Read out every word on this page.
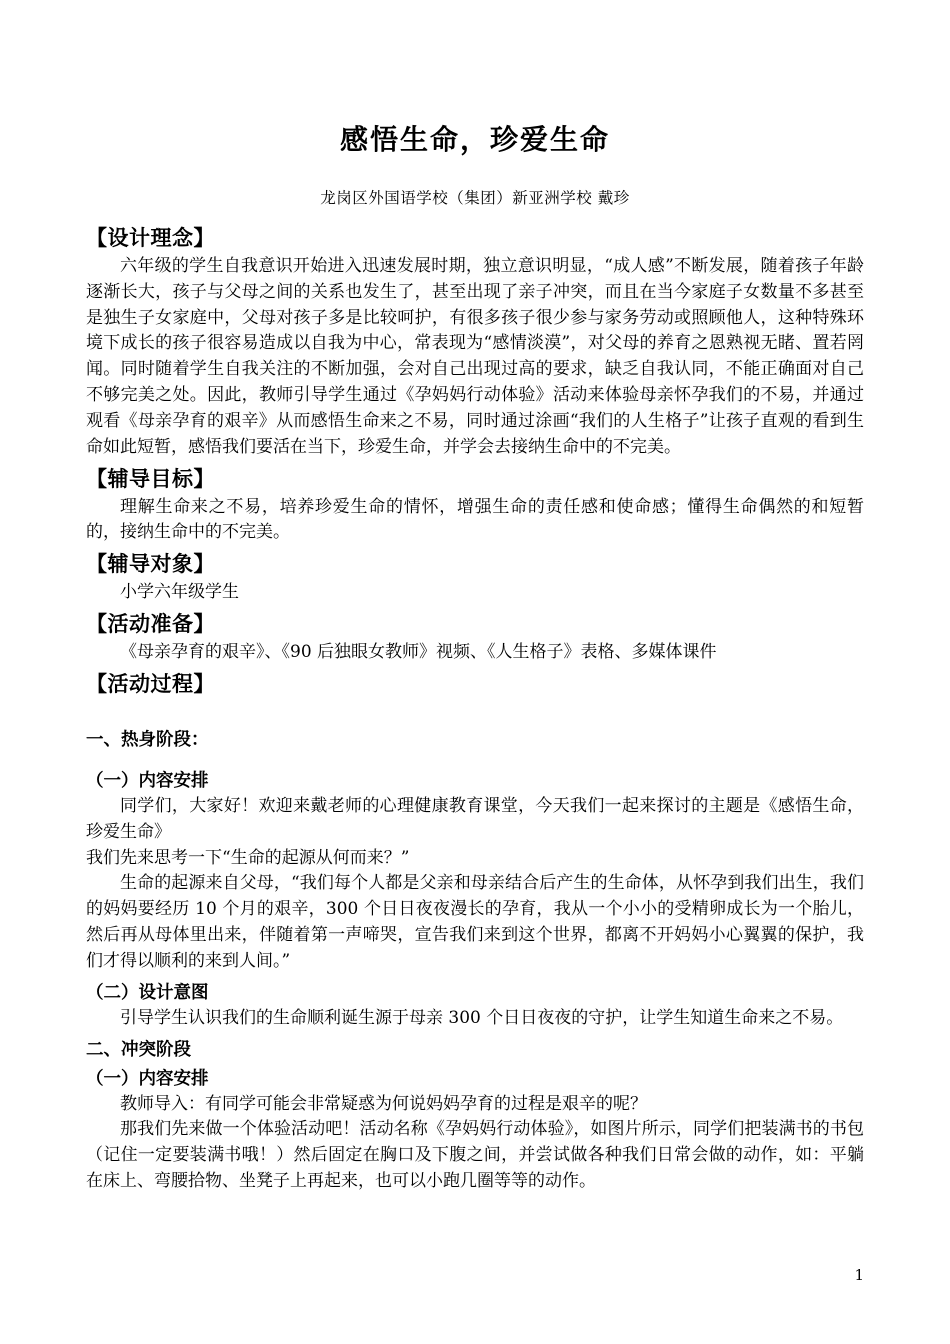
感悟生命，珍爱生命
龙岗区外国语学校（集团）新亚洲学校 戴珍
【设计理念】

六年级的学生自我意识开始进入迅速发展时期，独立意识明显，“成人感”不断发展，随着孩子年龄逐渐长大，孩子与父母之间的关系也发生了，甚至出现了亲子冲突，而且在当今家庭子女数量不多甚至是独生子女家庭中，父母对孩子多是比较呵护，有很多孩子很少参与家务劳动或照顾他人，这种特殊环境下成长的孩子很容易造成以自我为中心，常表现为“感情淡漠”，对父母的养育之恩熟视无睹、置若罔闻。同时随着学生自我关注的不断加强，会对自己出现过高的要求，缺乏自我认同，不能正确面对自己不够完美之处。因此，教师引导学生通过《孕妈妈行动体验》活动来体验母亲怀孕我们的不易，并通过观看《母亲孕育的艰辛》从而感悟生命来之不易，同时通过涂画“我们的人生格子”让孩子直观的看到生命如此短暂，感悟我们要活在当下，珍爱生命，并学会去接纳生命中的不完美。

【辅导目标】

理解生命来之不易，培养珍爱生命的情怀，增强生命的责任感和使命感；懂得生命偶然的和短暂的，接纳生命中的不完美。

【辅导对象】

小学六年级学生

【活动准备】

《母亲孕育的艰辛》、《90 后独眼女教师》视频、《人生格子》表格、多媒体课件

【活动过程】
一、热身阶段：
（一）内容安排

同学们，大家好！欢迎来戴老师的心理健康教育课堂，今天我们一起来探讨的主题是《感悟生命，珍爱生命》

我们先来思考一下“生命的起源从何而来？”

生命的起源来自父母，“我们每个人都是父亲和母亲结合后产生的生命体，从怀孕到我们出生，我们的妈妈要经历 10 个月的艰辛，300 个日日夜夜漫长的孕育，我从一个小小的受精卵成长为一个胎儿，然后再从母体里出来，伴随着第一声啼哭，宣告我们来到这个世界，都离不开妈妈小心翼翼的保护，我们才得以顺利的来到人间。”

（二）设计意图

引导学生认识我们的生命顺利诞生源于母亲 300 个日日夜夜的守护，让学生知道生命来之不易。

二、冲突阶段
（一）内容安排

教师导入：有同学可能会非常疑惑为何说妈妈孕育的过程是艰辛的呢？

那我们先来做一个体验活动吧！活动名称《孕妈妈行动体验》，如图片所示，同学们把装满书的书包（记住一定要装满书哦！）然后固定在胸口及下腹之间，并尝试做各种我们日常会做的动作，如：平躺在床上、弯腰拾物、坐凳子上再起来，也可以小跑几圈等等的动作。

1
